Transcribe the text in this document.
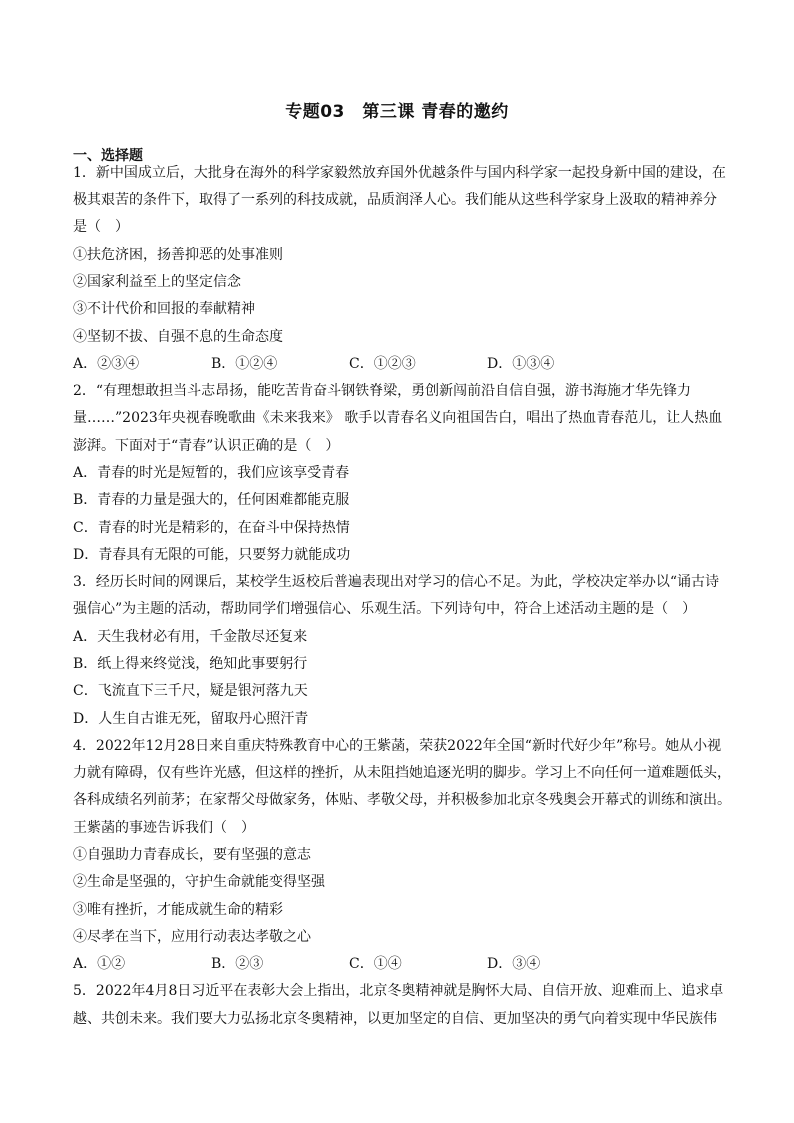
专题03　第三课 青春的邀约
一、选择题
1．新中国成立后，大批身在海外的科学家毅然放弃国外优越条件与国内科学家一起投身新中国的建设，在
极其艰苦的条件下，取得了一系列的科技成就，品质润泽人心。我们能从这些科学家身上汲取的精神养分
是（　）
①扶危济困，扬善抑恶的处事准则
②国家利益至上的坚定信念
③不计代价和回报的奉献精神
④坚韧不拔、自强不息的生命态度
A．②③④	B．①②④	C．①②③	D．①③④
2．“有理想敢担当斗志昂扬，能吃苦肯奋斗钢铁脊梁，勇创新闯前沿自信自强，游书海施才华先锋力
量……”2023年央视春晚歌曲《未来我来》 歌手以青春名义向祖国告白，唱出了热血青春范儿，让人热血
澎湃。下面对于“青春”认识正确的是（　）
A．青春的时光是短暂的，我们应该享受青春
B．青春的力量是强大的，任何困难都能克服
C．青春的时光是精彩的，在奋斗中保持热情
D．青春具有无限的可能，只要努力就能成功
3．经历长时间的网课后，某校学生返校后普遍表现出对学习的信心不足。为此，学校决定举办以“诵古诗
强信心”为主题的活动，帮助同学们增强信心、乐观生活。下列诗句中，符合上述活动主题的是（　）
A．天生我材必有用，千金散尽还复来
B．纸上得来终觉浅，绝知此事要躬行
C．飞流直下三千尺，疑是银河落九天
D．人生自古谁无死，留取丹心照汗青
4．2022年12月28日来自重庆特殊教育中心的王紫菡，荣获2022年全国“新时代好少年”称号。她从小视
力就有障碍，仅有些许光感，但这样的挫折，从未阻挡她追逐光明的脚步。学习上不向任何一道难题低头，
各科成绩名列前茅；在家帮父母做家务，体贴、孝敬父母，并积极参加北京冬残奥会开幕式的训练和演出。
王紫菡的事迹告诉我们（　）
①自强助力青春成长，要有坚强的意志
②生命是坚强的，守护生命就能变得坚强
③唯有挫折，才能成就生命的精彩
④尽孝在当下，应用行动表达孝敬之心
A．①②	B．②③	C．①④	D．③④
5．2022年4月8日习近平在表彰大会上指出，北京冬奥精神就是胸怀大局、自信开放、迎难而上、追求卓
越、共创未来。我们要大力弘扬北京冬奥精神，以更加坚定的自信、更加坚决的勇气向着实现中华民族伟
